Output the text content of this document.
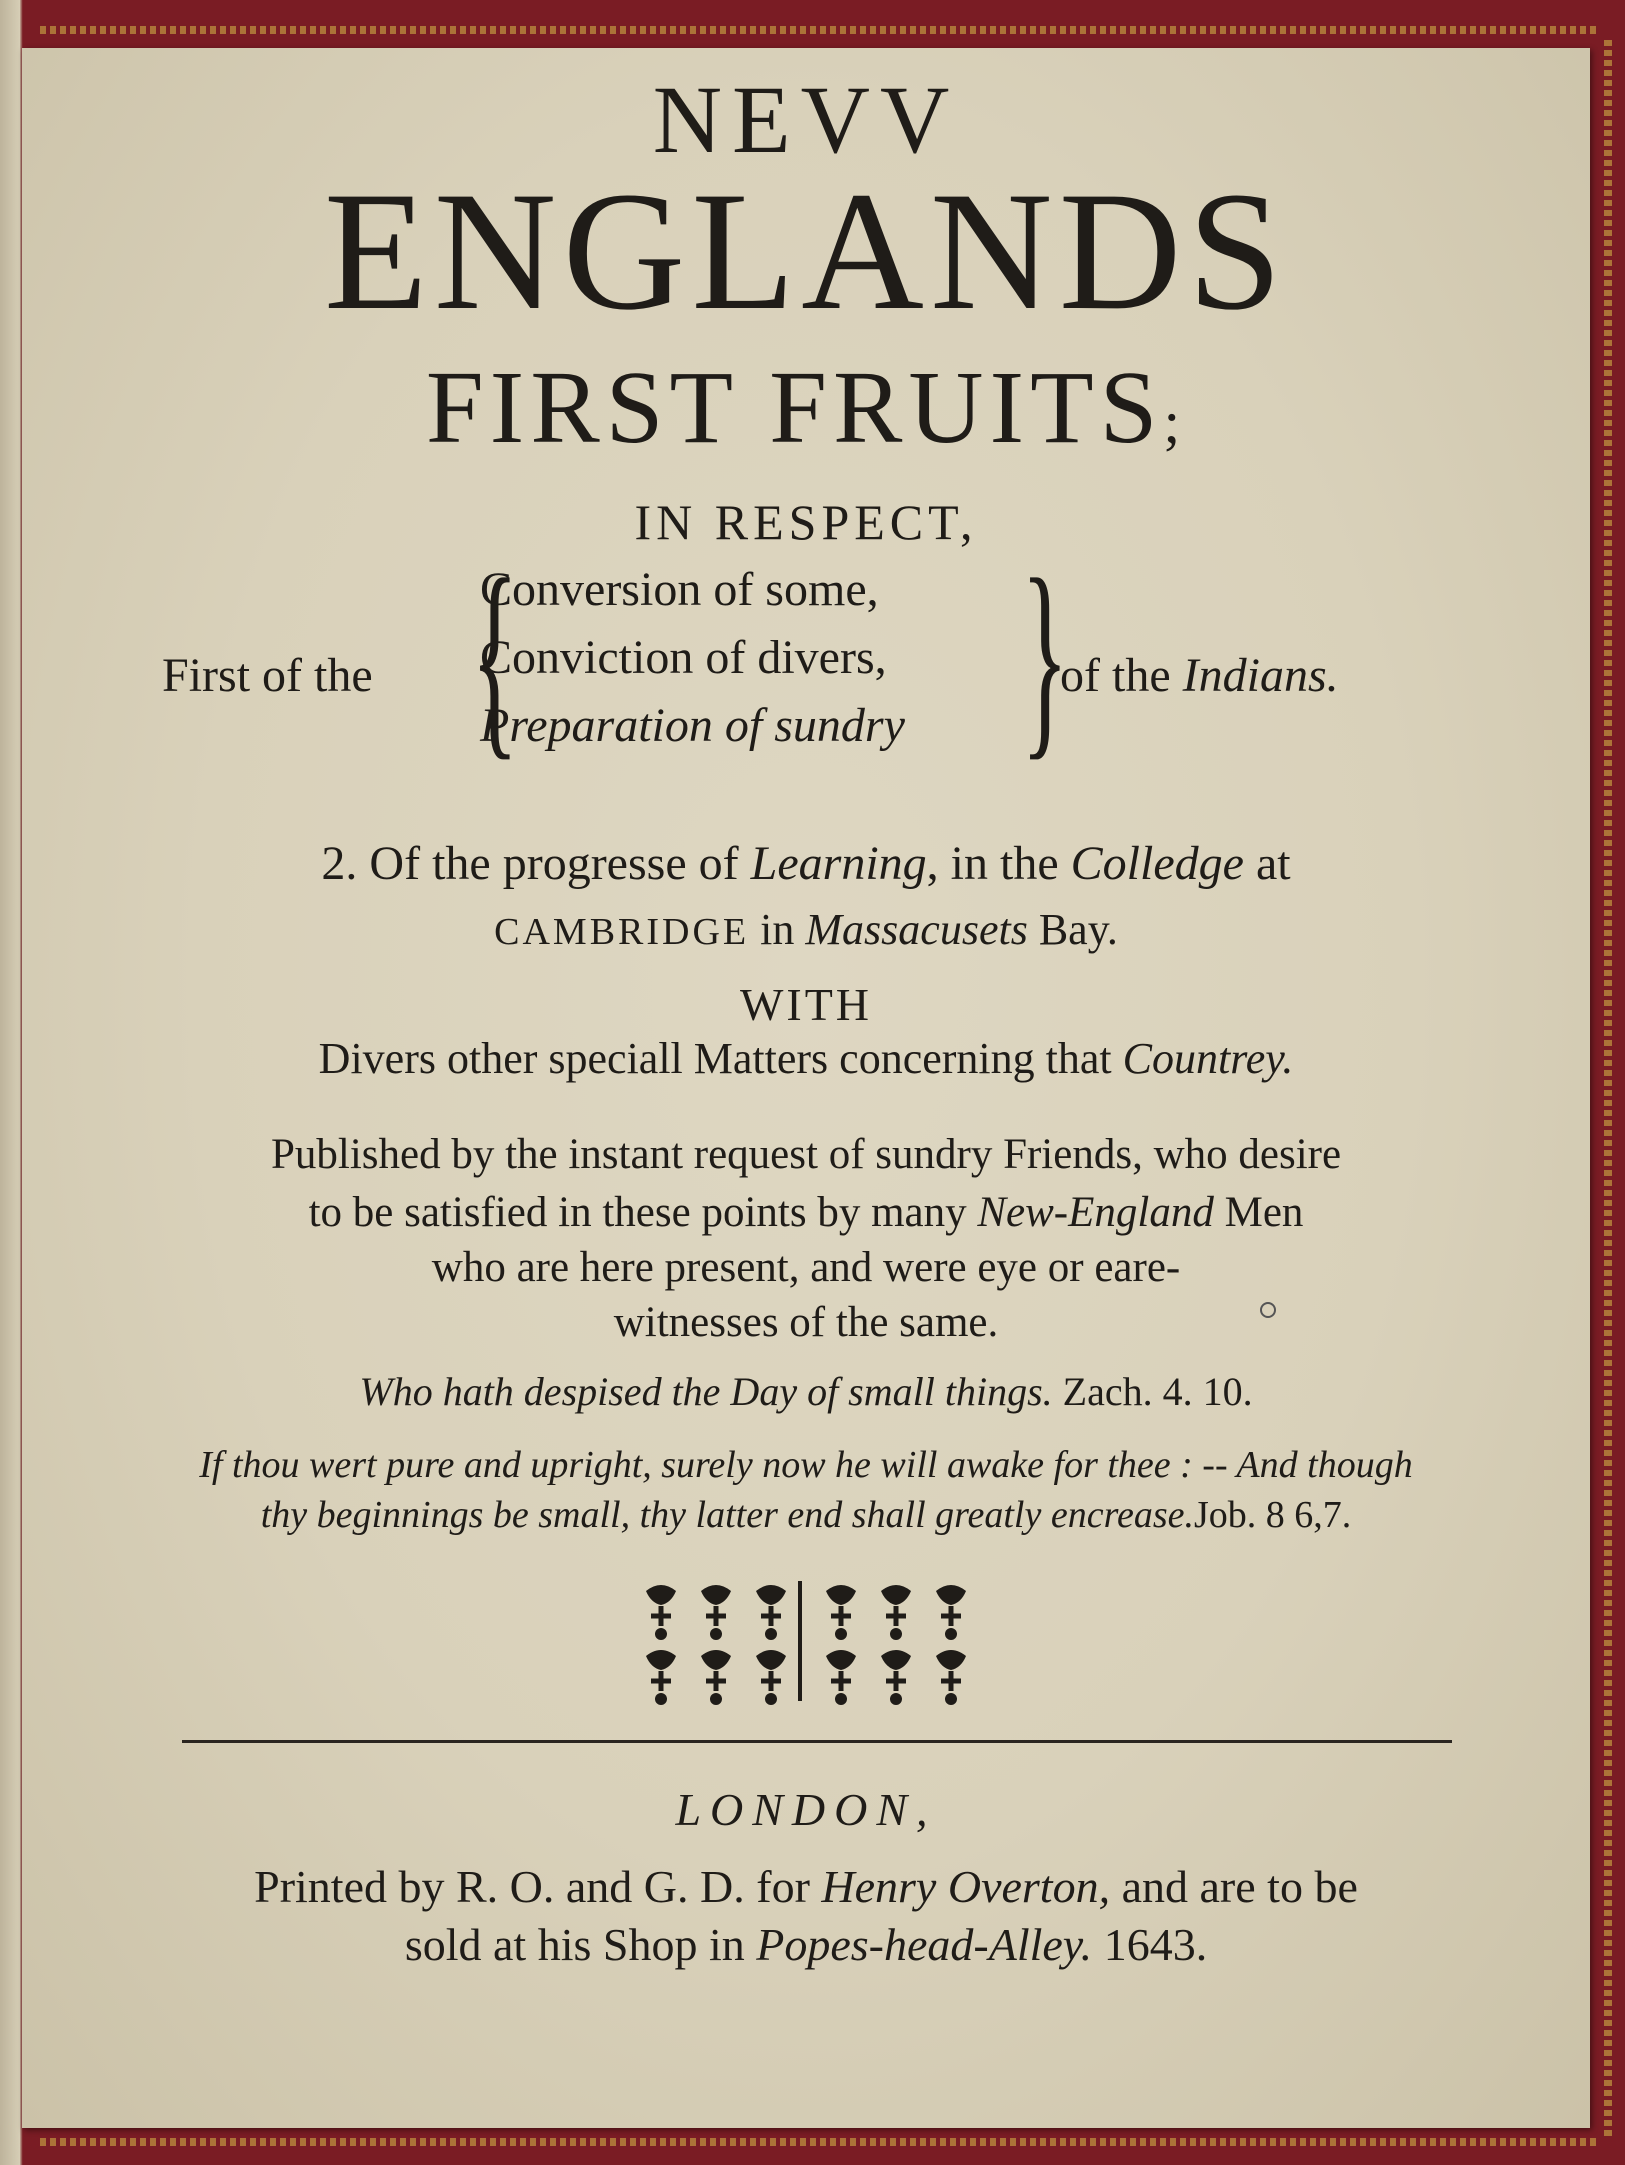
NEVV
ENGLANDS
FIRST FRUITS;
IN RESPECT,
First of the {
Conversion of some,
Conviction of divers,
Preparation of sundry }
of the Indians.
2. Of the progresse of Learning, in the Colledge at
CAMBRIDGE in Massacusets Bay.
WITH
Divers other speciall Matters concerning that Countrey.
Published by the instant request of sundry Friends, who desire
to be satisfied in these points by many New-England Men
who are here present, and were eye or eare-
witnesses of the same.
Who hath despised the Day of small things. Zach. 4. 10.
If thou wert pure and upright, surely now he will awake for thee : -- And though
thy beginnings be small, thy latter end shall greatly encrease.Job. 8 6,7.
LONDON,
Printed by R. O. and G. D. for Henry Overton, and are to be
sold at his Shop in Popes-head-Alley. 1643.
